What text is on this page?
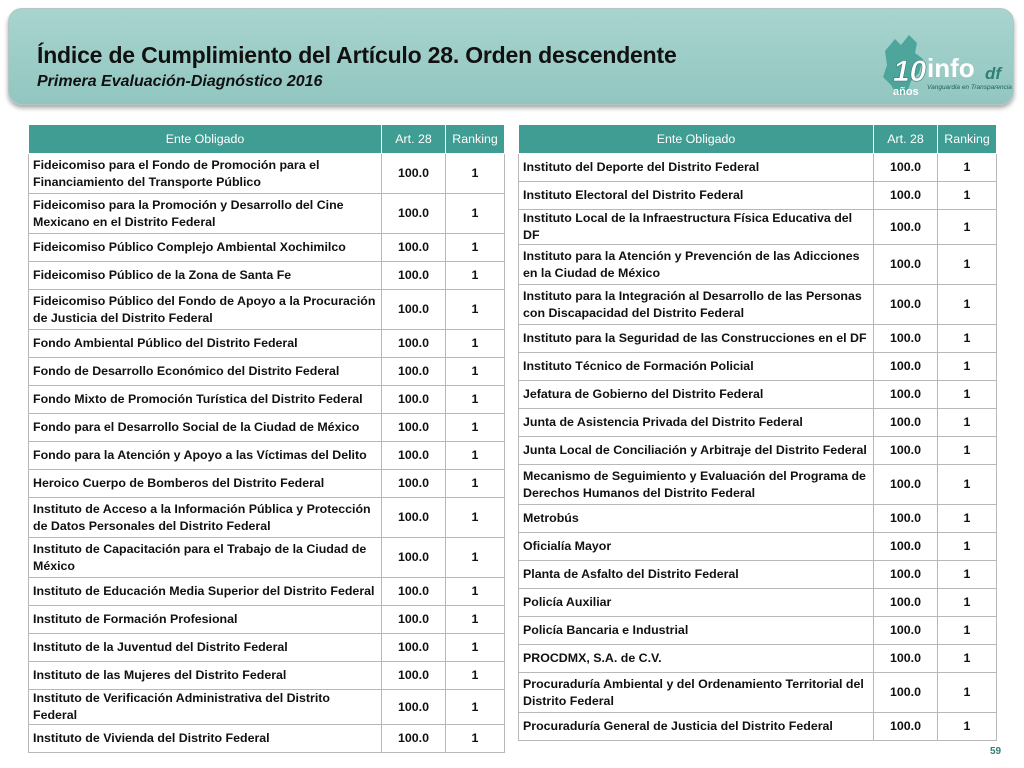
Índice de Cumplimiento del Artículo 28. Orden descendente
Primera Evaluación-Diagnóstico 2016	10
años
info df
Vanguardia en Transparencia
Ente Obligado	Art. 28	Ranking
Fideicomiso para el Fondo de Promoción para el Financiamiento del Transporte Público	100.0	1
Fideicomiso para la Promoción y Desarrollo del Cine Mexicano en el Distrito Federal	100.0	1
Fideicomiso Público Complejo Ambiental Xochimilco	100.0	1
Fideicomiso Público de la Zona de Santa Fe	100.0	1
Fideicomiso Público del Fondo de Apoyo a la Procuración de Justicia del Distrito Federal	100.0	1
Fondo Ambiental Público del Distrito Federal	100.0	1
Fondo de Desarrollo Económico del Distrito Federal	100.0	1
Fondo Mixto de Promoción Turística del Distrito Federal	100.0	1
Fondo para el Desarrollo Social de la Ciudad de México	100.0	1
Fondo para la Atención y Apoyo a las Víctimas del Delito	100.0	1
Heroico Cuerpo de Bomberos del Distrito Federal	100.0	1
Instituto de Acceso a la Información Pública y Protección de Datos Personales del Distrito Federal	100.0	1
Instituto de Capacitación para el Trabajo de la Ciudad de México	100.0	1
Instituto de Educación Media Superior del Distrito Federal	100.0	1
Instituto de Formación Profesional	100.0	1
Instituto de la Juventud del Distrito Federal	100.0	1
Instituto de las Mujeres del Distrito Federal	100.0	1
Instituto de Verificación Administrativa del Distrito Federal	100.0	1
Instituto de Vivienda del Distrito Federal	100.0	1
Ente Obligado	Art. 28	Ranking
Instituto del Deporte del Distrito Federal	100.0	1
Instituto Electoral del Distrito Federal	100.0	1
Instituto Local de la Infraestructura Física Educativa del DF	100.0	1
Instituto para la Atención y Prevención de las Adicciones en la Ciudad de México	100.0	1
Instituto para la Integración al Desarrollo de las Personas con Discapacidad del Distrito Federal	100.0	1
Instituto para la Seguridad de las Construcciones en el DF	100.0	1
Instituto Técnico de Formación Policial	100.0	1
Jefatura de Gobierno del Distrito Federal	100.0	1
Junta de Asistencia Privada del Distrito Federal	100.0	1
Junta Local de Conciliación y Arbitraje del Distrito Federal	100.0	1
Mecanismo de Seguimiento y Evaluación del Programa de Derechos Humanos del Distrito Federal	100.0	1
Metrobús	100.0	1
Oficialía Mayor	100.0	1
Planta de Asfalto del Distrito Federal	100.0	1
Policía Auxiliar	100.0	1
Policía Bancaria e Industrial	100.0	1
PROCDMX, S.A. de C.V.	100.0	1
Procuraduría Ambiental y del Ordenamiento Territorial del Distrito Federal	100.0	1
Procuraduría General de Justicia del Distrito Federal	100.0	1
59
